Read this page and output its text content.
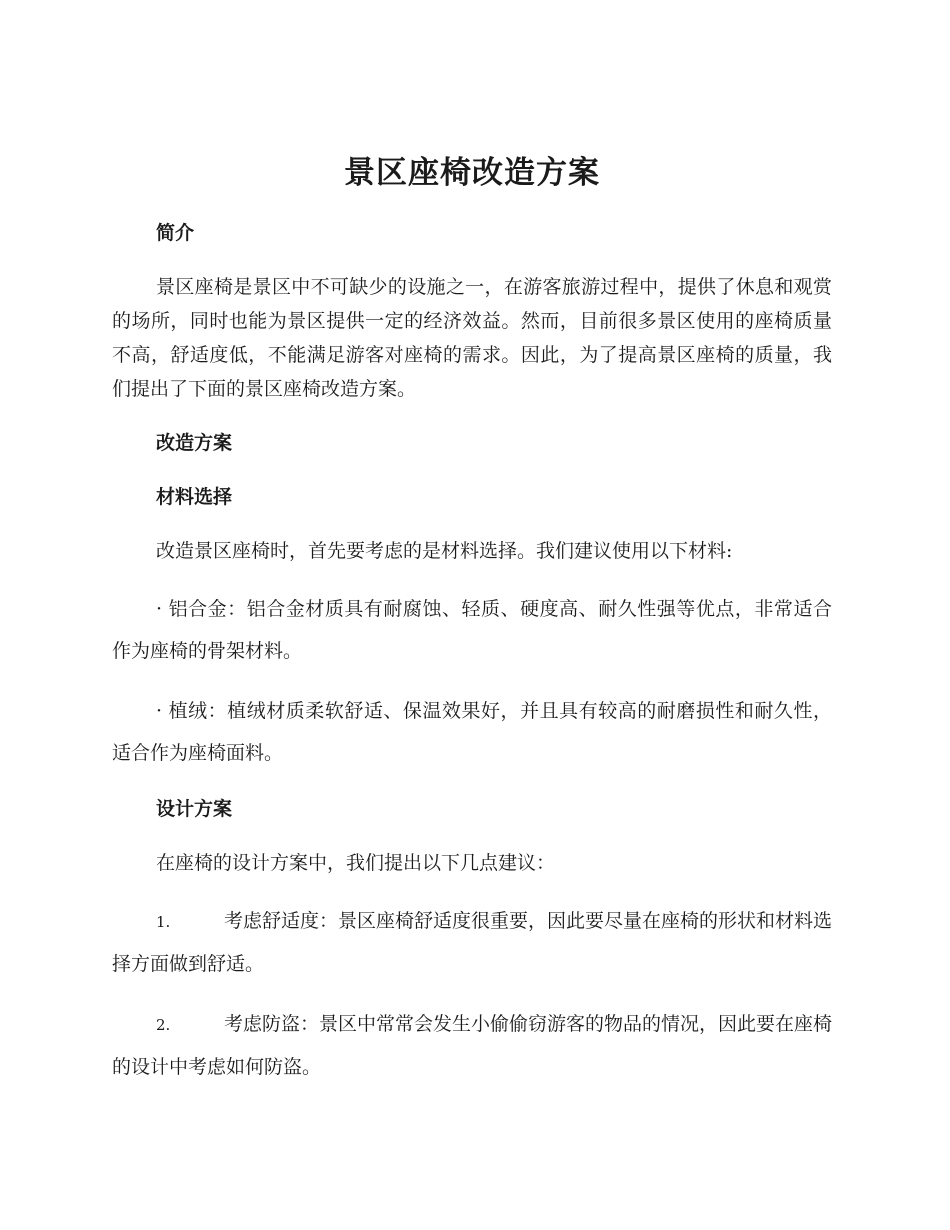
景区座椅改造方案
简介

景区座椅是景区中不可缺少的设施之一，在游客旅游过程中，提供了休息和观赏的场所，同时也能为景区提供一定的经济效益。然而，目前很多景区使用的座椅质量不高，舒适度低，不能满足游客对座椅的需求。因此，为了提高景区座椅的质量，我们提出了下面的景区座椅改造方案。

改造方案
材料选择

改造景区座椅时，首先要考虑的是材料选择。我们建议使用以下材料:

· 铝合金：铝合金材质具有耐腐蚀、轻质、硬度高、耐久性强等优点，非常适合作为座椅的骨架材料。

· 植绒：植绒材质柔软舒适、保温效果好，并且具有较高的耐磨损性和耐久性，适合作为座椅面料。

设计方案

在座椅的设计方案中，我们提出以下几点建议：

1.	考虑舒适度：景区座椅舒适度很重要，因此要尽量在座椅的形状和材料选择方面做到舒适。

2.	考虑防盗：景区中常常会发生小偷偷窃游客的物品的情况，因此要在座椅的设计中考虑如何防盗。
